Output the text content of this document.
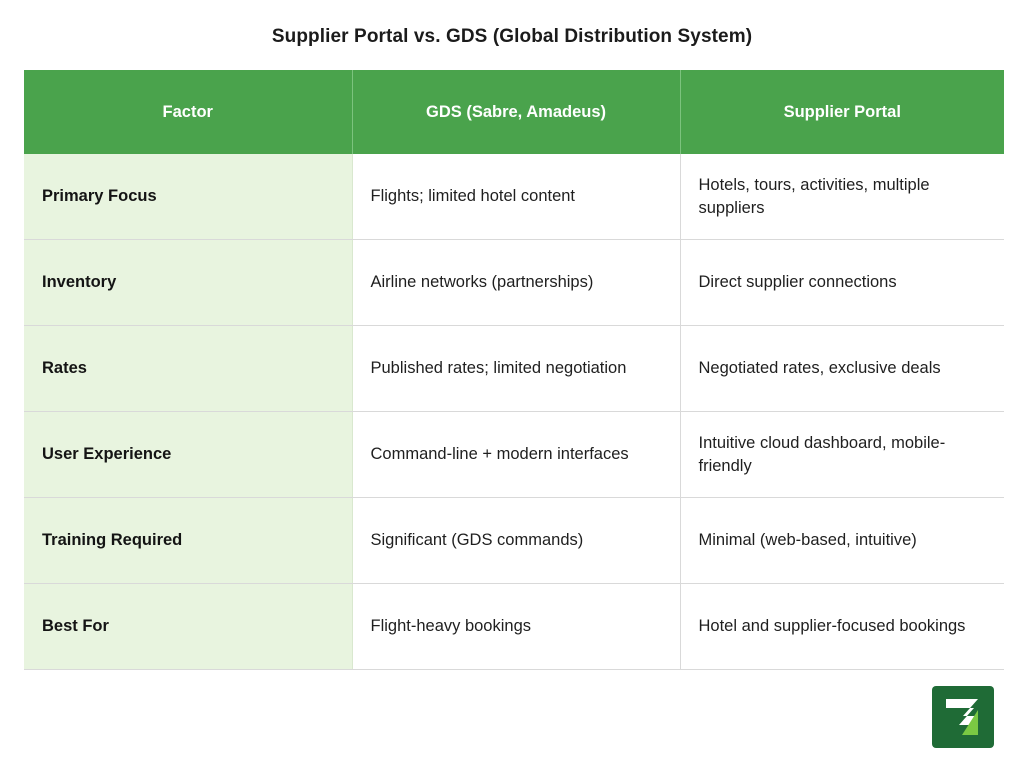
Supplier Portal vs. GDS (Global Distribution System)
Factor	GDS (Sabre, Amadeus)	Supplier Portal
Primary Focus	Flights; limited hotel content	Hotels, tours, activities, multiple suppliers
Inventory	Airline networks (partnerships)	Direct supplier connections
Rates	Published rates; limited negotiation	Negotiated rates, exclusive deals
User Experience	Command-line + modern interfaces	Intuitive cloud dashboard, mobile-friendly
Training Required	Significant (GDS commands)	Minimal (web-based, intuitive)
Best For	Flight-heavy bookings	Hotel and supplier-focused bookings
